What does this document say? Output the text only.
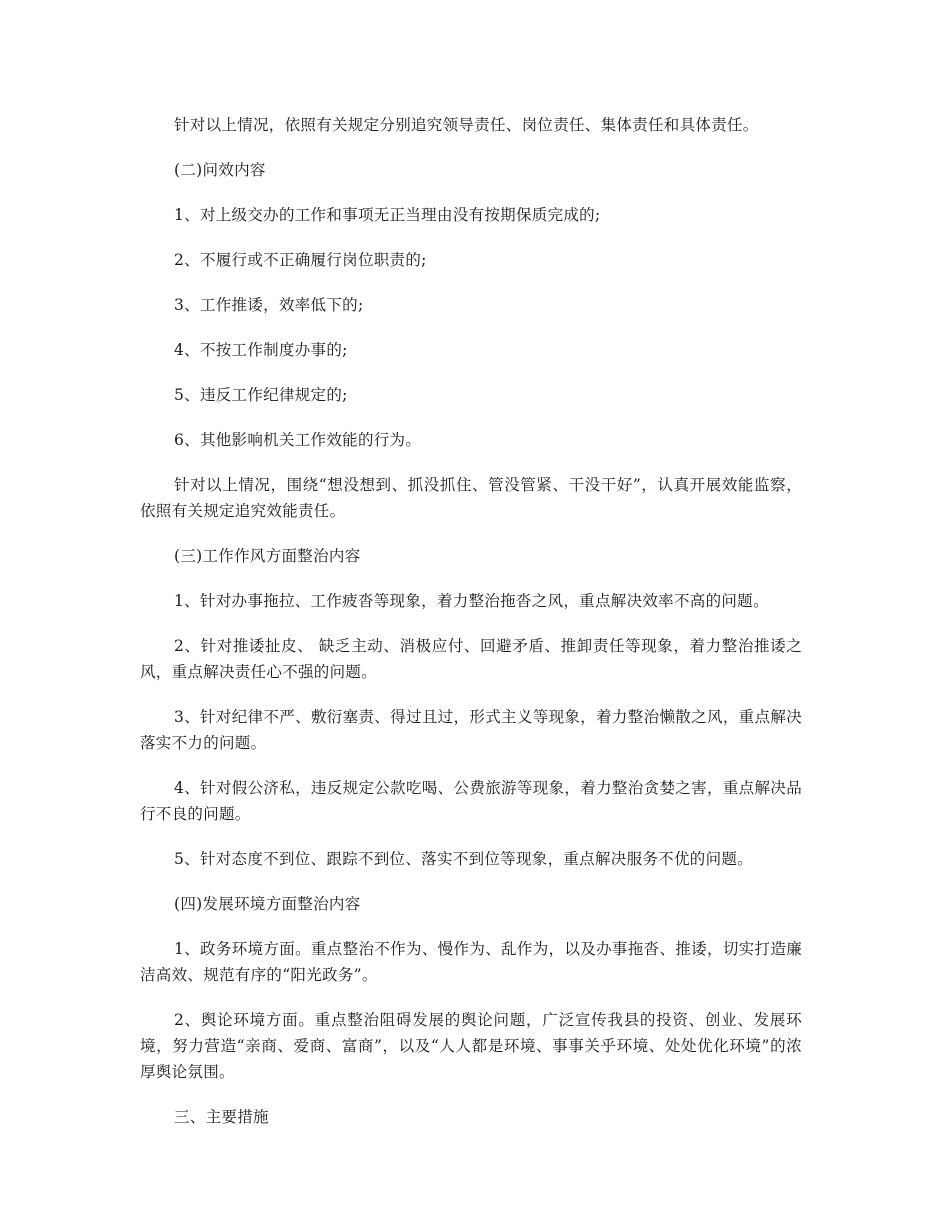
针对以上情况，依照有关规定分别追究领导责任、岗位责任、集体责任和具体责任。

(二)问效内容

1、对上级交办的工作和事项无正当理由没有按期保质完成的;

2、不履行或不正确履行岗位职责的;

3、工作推诿，效率低下的;

4、不按工作制度办事的;

5、违反工作纪律规定的;

6、其他影响机关工作效能的行为。

针对以上情况，围绕“想没想到、抓没抓住、管没管紧、干没干好”，认真开展效能监察，依照有关规定追究效能责任。

(三)工作作风方面整治内容

1、针对办事拖拉、工作疲沓等现象，着力整治拖沓之风，重点解决效率不高的问题。

2、针对推诿扯皮、 缺乏主动、消极应付、回避矛盾、推卸责任等现象，着力整治推诿之风，重点解决责任心不强的问题。

3、针对纪律不严、敷衍塞责、得过且过，形式主义等现象，着力整治懒散之风，重点解决落实不力的问题。

4、针对假公济私，违反规定公款吃喝、公费旅游等现象，着力整治贪婪之害，重点解决品行不良的问题。

5、针对态度不到位、跟踪不到位、落实不到位等现象，重点解决服务不优的问题。

(四)发展环境方面整治内容

1、政务环境方面。重点整治不作为、慢作为、乱作为，以及办事拖沓、推诿，切实打造廉洁高效、规范有序的“阳光政务”。

2、舆论环境方面。重点整治阻碍发展的舆论问题，广泛宣传我县的投资、创业、发展环境，努力营造“亲商、爱商、富商”，以及“人人都是环境、事事关乎环境、处处优化环境”的浓厚舆论氛围。

三、主要措施
